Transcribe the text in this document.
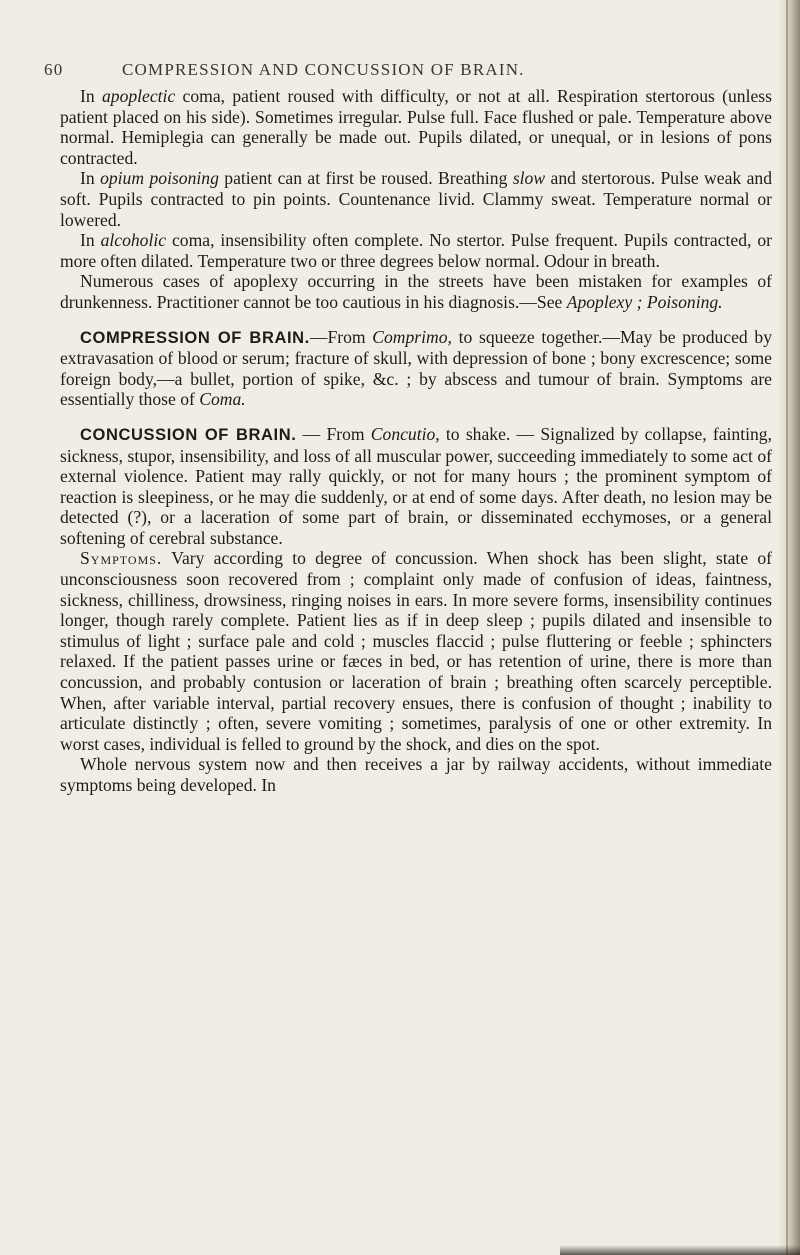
60	COMPRESSION AND CONCUSSION OF BRAIN.

In apoplectic coma, patient roused with difficulty, or not at all. Respiration stertorous (unless patient placed on his side). Sometimes irregular. Pulse full. Face flushed or pale. Temperature above normal. Hemiplegia can generally be made out. Pupils dilated, or unequal, or in lesions of pons contracted.

In opium poisoning patient can at first be roused. Breathing slow and stertorous. Pulse weak and soft. Pupils contracted to pin points. Countenance livid. Clammy sweat. Temperature normal or lowered.

In alcoholic coma, insensibility often complete. No stertor. Pulse frequent. Pupils contracted, or more often dilated. Temperature two or three degrees below normal. Odour in breath.

Numerous cases of apoplexy occurring in the streets have been mistaken for examples of drunkenness. Practitioner cannot be too cautious in his diagnosis.—See Apoplexy ; Poisoning.

COMPRESSION OF BRAIN.—From Comprimo, to squeeze together.—May be produced by extravasation of blood or serum; fracture of skull, with depression of bone ; bony excrescence; some foreign body,—a bullet, portion of spike, &c. ; by abscess and tumour of brain. Symptoms are essentially those of Coma.

CONCUSSION OF BRAIN. — From Concutio, to shake. — Signalized by collapse, fainting, sickness, stupor, insensibility, and loss of all muscular power, succeeding immediately to some act of external violence. Patient may rally quickly, or not for many hours ; the prominent symptom of reaction is sleepiness, or he may die suddenly, or at end of some days. After death, no lesion may be detected (?), or a laceration of some part of brain, or disseminated ecchymoses, or a general softening of cerebral substance.

Symptoms. Vary according to degree of concussion. When shock has been slight, state of unconsciousness soon recovered from ; complaint only made of confusion of ideas, faintness, sickness, chilliness, drowsiness, ringing noises in ears. In more severe forms, insensibility continues longer, though rarely complete. Patient lies as if in deep sleep ; pupils dilated and insensible to stimulus of light ; surface pale and cold ; muscles flaccid ; pulse fluttering or feeble ; sphincters relaxed. If the patient passes urine or fæces in bed, or has retention of urine, there is more than concussion, and probably contusion or laceration of brain ; breathing often scarcely perceptible. When, after variable interval, partial recovery ensues, there is confusion of thought ; inability to articulate distinctly ; often, severe vomiting ; sometimes, paralysis of one or other extremity. In worst cases, individual is felled to ground by the shock, and dies on the spot.

Whole nervous system now and then receives a jar by railway accidents, without immediate symptoms being developed. In
